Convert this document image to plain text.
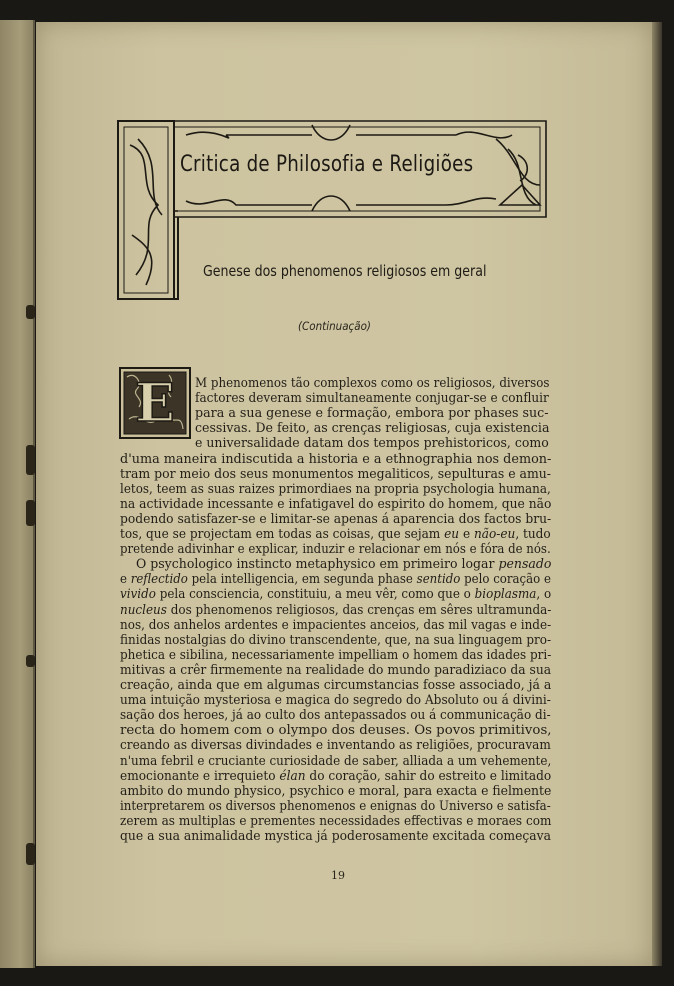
Critica de Philosofia e Religiões
Genese dos phenomenos religiosos em geral
(Continuação)
E M phenomenos tão complexos como os religiosos, diversos
factores deveram simultaneamente conjugar-se e confluir
para a sua genese e formação, embora por phases suc-
cessivas. De feito, as crenças religiosas, cuja existencia
e universalidade datam dos tempos prehistoricos, como
d'uma maneira indiscutida a historia e a ethnographia nos demon-
tram por meio dos seus monumentos megaliticos, sepulturas e amu-
letos, teem as suas raizes primordiaes na propria psychologia humana,
na actividade incessante e infatigavel do espirito do homem, que não
podendo satisfazer-se e limitar-se apenas á aparencia dos factos bru-
tos, que se projectam em todas as coisas, que sejam eu e não-eu, tudo
pretende adivinhar e explicar, induzir e relacionar em nós e fóra de nós.
O psychologico instincto metaphysico em primeiro logar pensado
e reflectido pela intelligencia, em segunda phase sentido pelo coração e
vivido pela consciencia, constituiu, a meu vêr, como que o bioplasma, o
nucleus dos phenomenos religiosos, das crenças em sêres ultramunda-
nos, dos anhelos ardentes e impacientes anceios, das mil vagas e inde-
finidas nostalgias do divino transcendente, que, na sua linguagem pro-
phetica e sibilina, necessariamente impelliam o homem das idades pri-
mitivas a crêr firmemente na realidade do mundo paradiziaco da sua
creação, ainda que em algumas circumstancias fosse associado, já a
uma intuição mysteriosa e magica do segredo do Absoluto ou á divini-
sação dos heroes, já ao culto dos antepassados ou á communicação di-
recta do homem com o olympo dos deuses. Os povos primitivos,
creando as diversas divindades e inventando as religiões, procuravam
n'uma febril e cruciante curiosidade de saber, alliada a um vehemente,
emocionante e irrequieto élan do coração, sahir do estreito e limitado
ambito do mundo physico, psychico e moral, para exacta e fielmente
interpretarem os diversos phenomenos e enignas do Universo e satisfa-
zerem as multiplas e prementes necessidades effectivas e moraes com
que a sua animalidade mystica já poderosamente excitada começava
19
